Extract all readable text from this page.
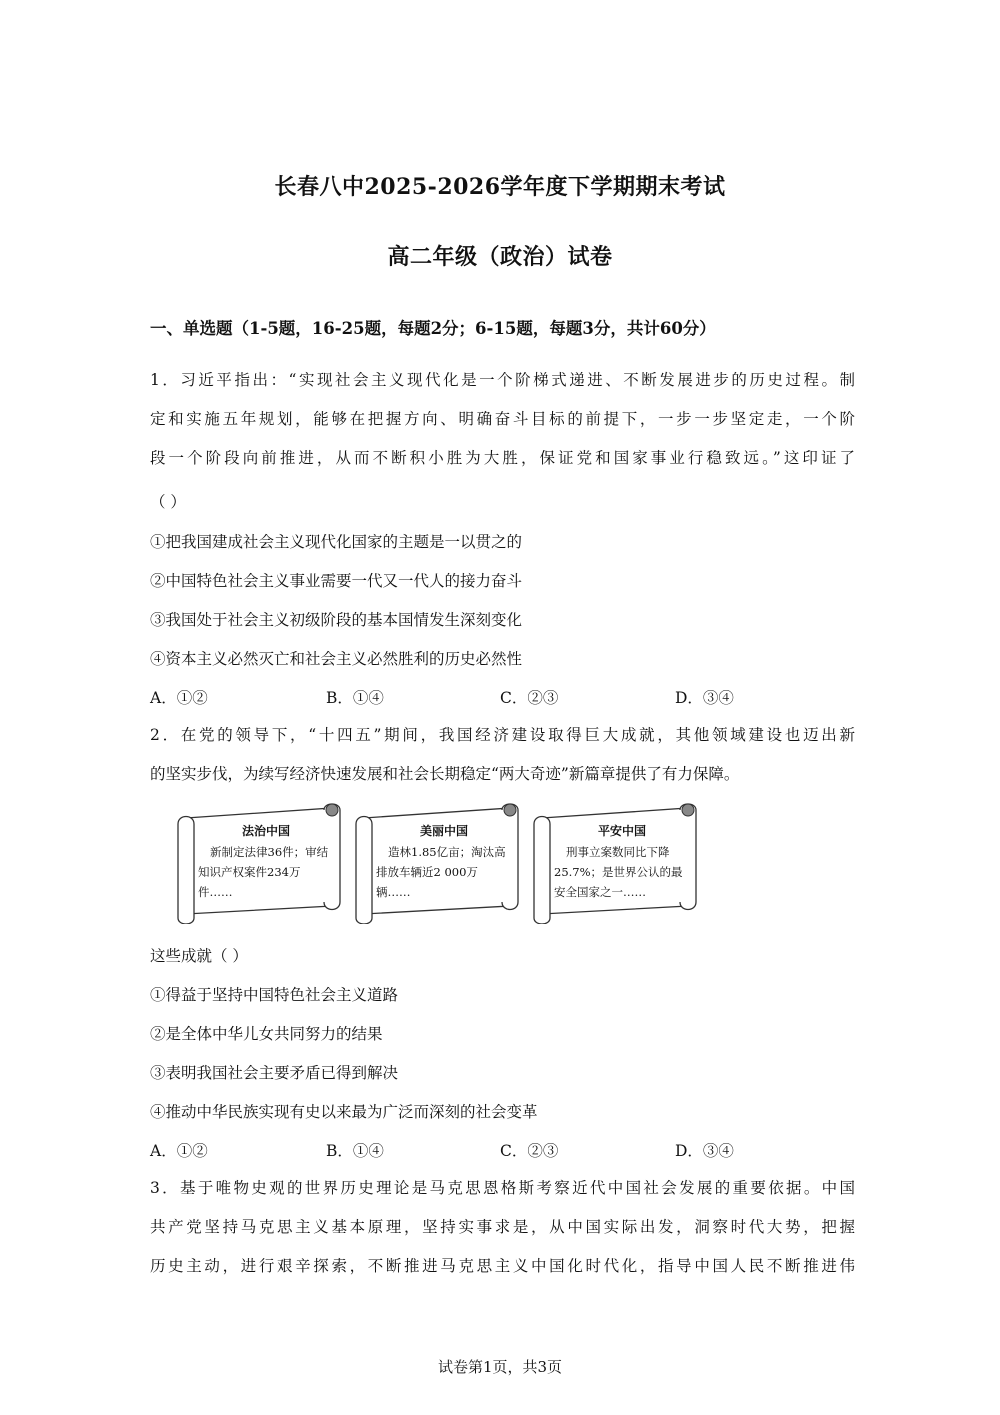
长春八中2025-2026学年度下学期期末考试
高二年级（政治）试卷
一、单选题（1-5题，16-25题，每题2分；6-15题，每题3分，共计60分）
1．习近平指出：“实现社会主义现代化是一个阶梯式递进、不断发展进步的历史过程。制
定和实施五年规划，能够在把握方向、明确奋斗目标的前提下，一步一步坚定走，一个阶
段一个阶段向前推进，从而不断积小胜为大胜，保证党和国家事业行稳致远。”这印证了
（ ）
①把我国建成社会主义现代化国家的主题是一以贯之的
②中国特色社会主义事业需要一代又一代人的接力奋斗
③我国处于社会主义初级阶段的基本国情发生深刻变化
④资本主义必然灭亡和社会主义必然胜利的历史必然性
A．①②	B．①④	C．②③	D．③④
2．在党的领导下，“十四五”期间，我国经济建设取得巨大成就，其他领域建设也迈出新
的坚实步伐，为续写经济快速发展和社会长期稳定“两大奇迹”新篇章提供了有力保障。
法治中国
新制定法律36件；审结知识产权案件234万件……
美丽中国
造林1.85亿亩；淘汰高排放车辆近2 000万辆……
平安中国
刑事立案数同比下降25.7%；是世界公认的最安全国家之一……
这些成就（ ）
①得益于坚持中国特色社会主义道路
②是全体中华儿女共同努力的结果
③表明我国社会主要矛盾已得到解决
④推动中华民族实现有史以来最为广泛而深刻的社会变革
A．①②	B．①④	C．②③	D．③④
3．基于唯物史观的世界历史理论是马克思恩格斯考察近代中国社会发展的重要依据。中国
共产党坚持马克思主义基本原理，坚持实事求是，从中国实际出发，洞察时代大势，把握
历史主动，进行艰辛探索，不断推进马克思主义中国化时代化，指导中国人民不断推进伟
试卷第1页，共3页
